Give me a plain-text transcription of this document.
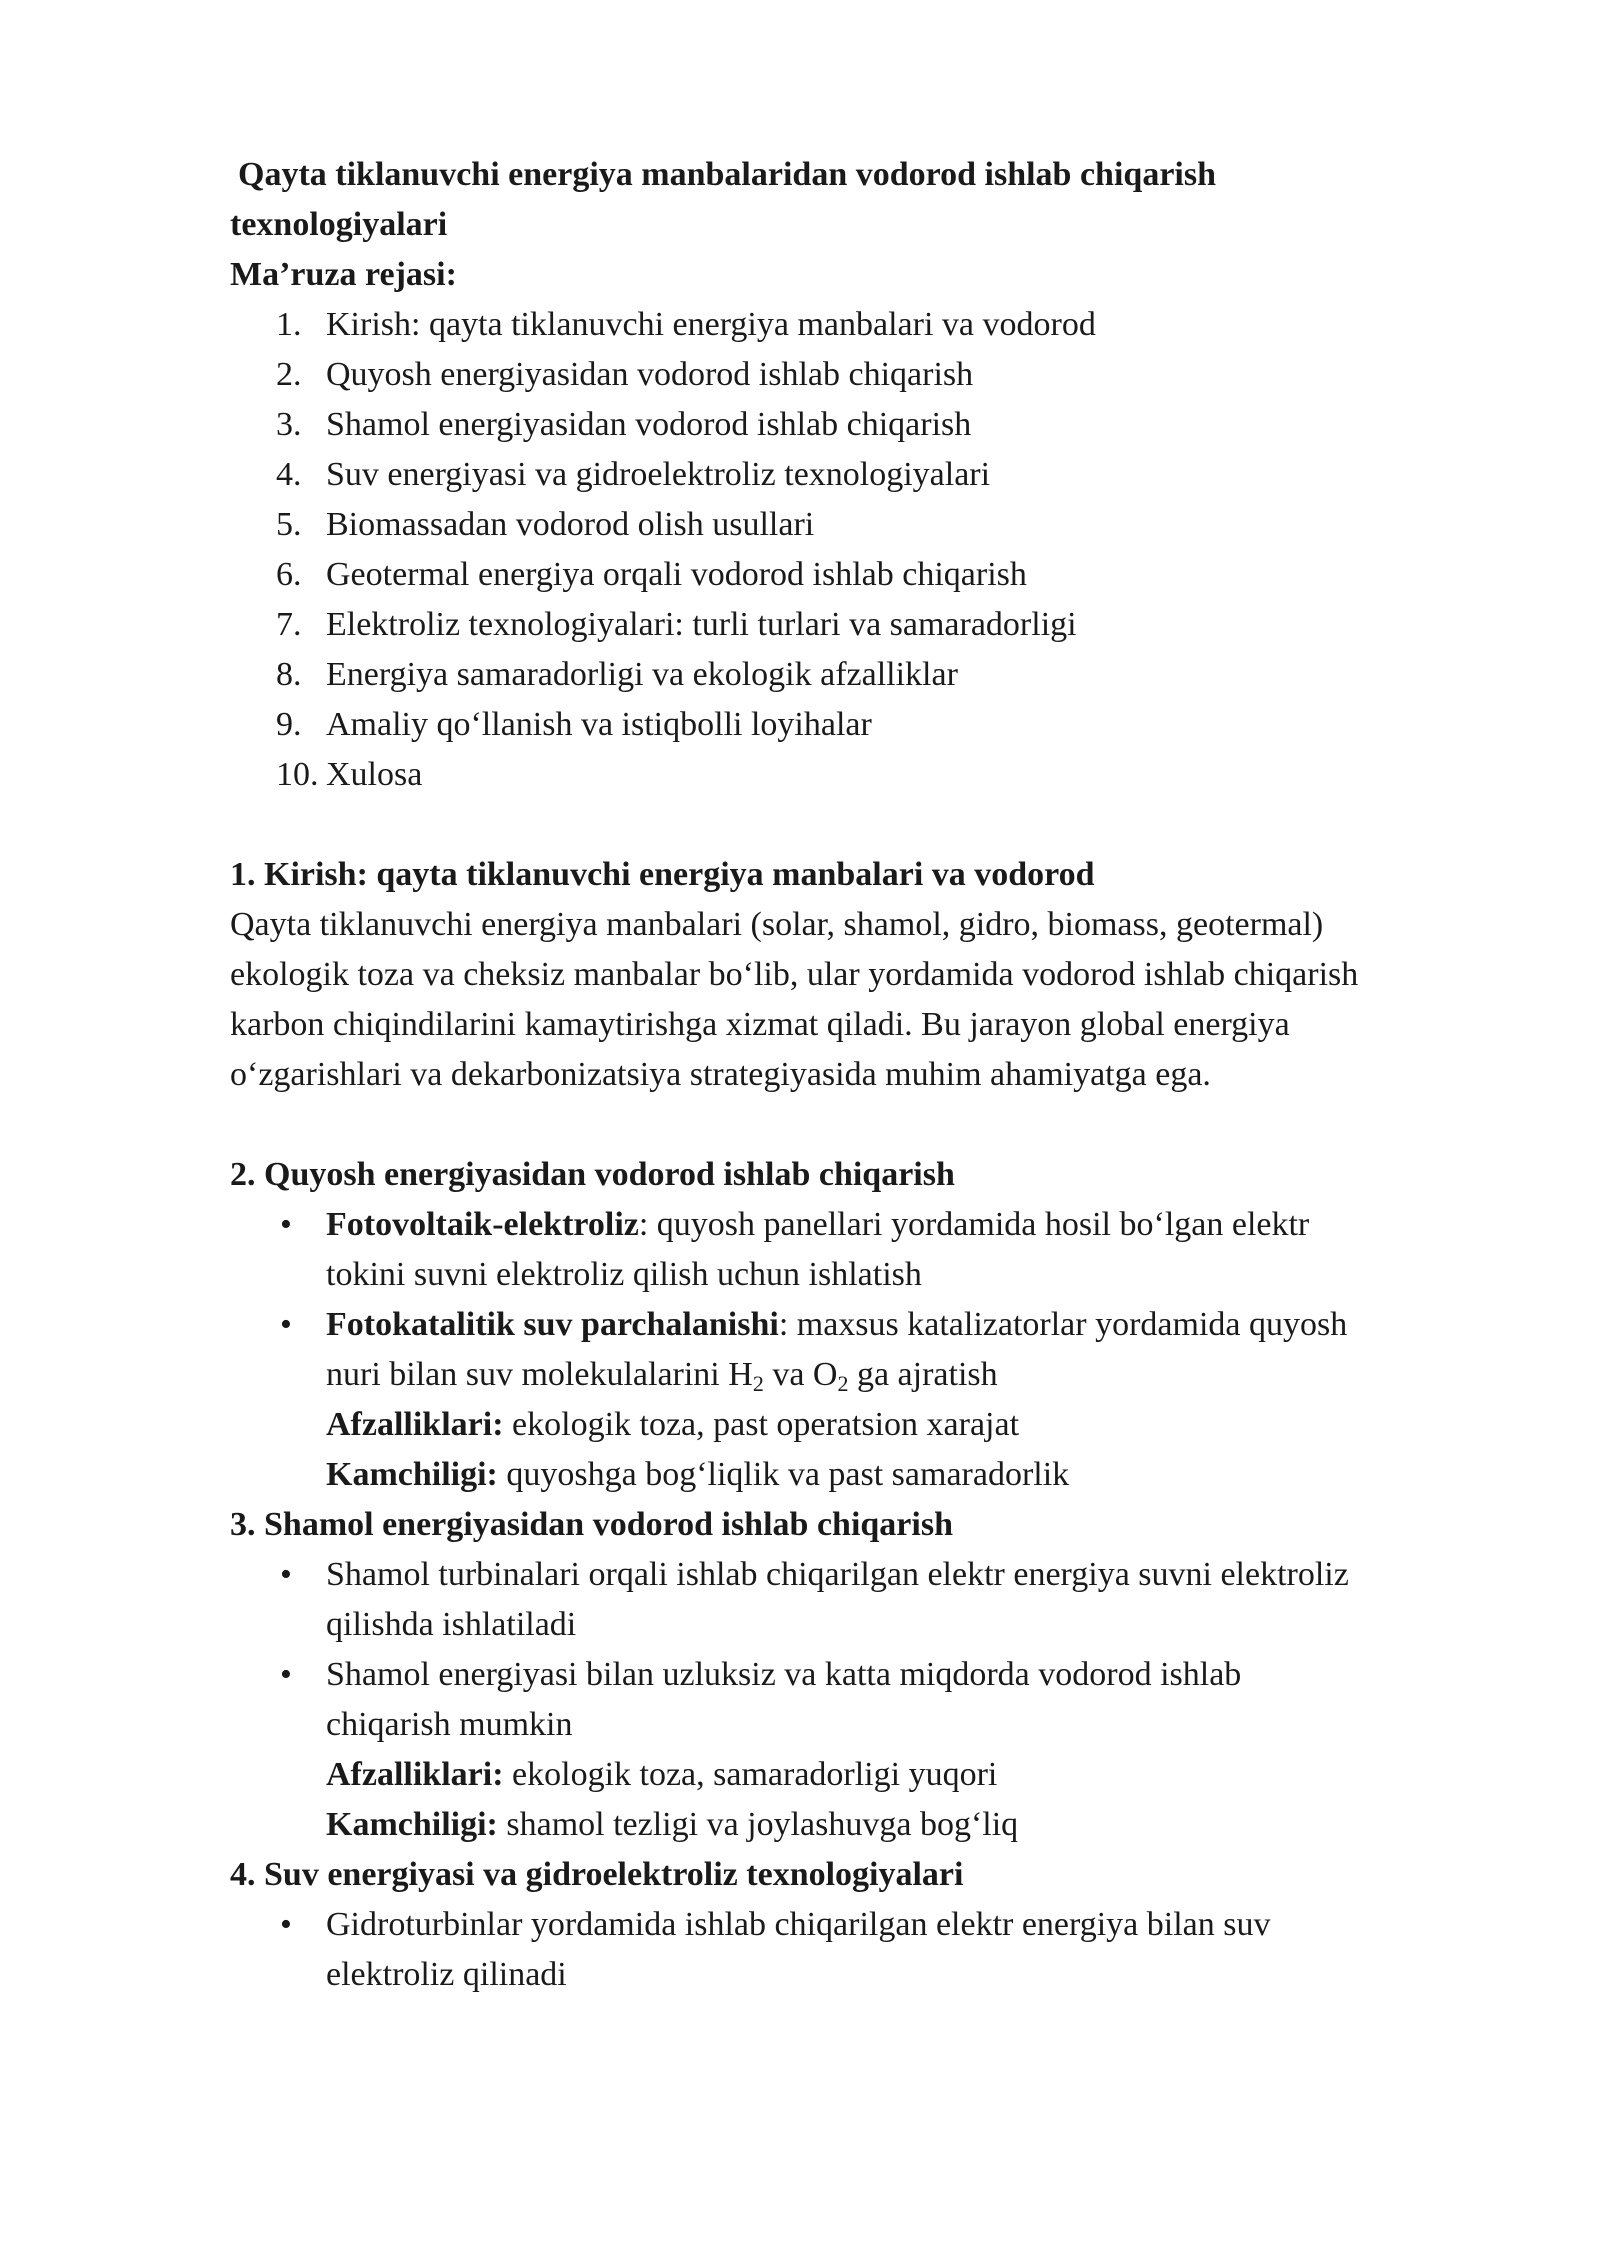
Qayta tiklanuvchi energiya manbalaridan vodorod ishlab chiqarish
texnologiyalari
Ma’ruza rejasi:
1. Kirish: qayta tiklanuvchi energiya manbalari va vodorod
2. Quyosh energiyasidan vodorod ishlab chiqarish
3. Shamol energiyasidan vodorod ishlab chiqarish
4. Suv energiyasi va gidroelektroliz texnologiyalari
5. Biomassadan vodorod olish usullari
6. Geotermal energiya orqali vodorod ishlab chiqarish
7. Elektroliz texnologiyalari: turli turlari va samaradorligi
8. Energiya samaradorligi va ekologik afzalliklar
9. Amaliy qo‘llanish va istiqbolli loyihalar
10. Xulosa
1. Kirish: qayta tiklanuvchi energiya manbalari va vodorod
Qayta tiklanuvchi energiya manbalari (solar, shamol, gidro, biomass, geotermal)
ekologik toza va cheksiz manbalar bo‘lib, ular yordamida vodorod ishlab chiqarish
karbon chiqindilarini kamaytirishga xizmat qiladi. Bu jarayon global energiya
o‘zgarishlari va dekarbonizatsiya strategiyasida muhim ahamiyatga ega.
2. Quyosh energiyasidan vodorod ishlab chiqarish
• Fotovoltaik-elektroliz: quyosh panellari yordamida hosil bo‘lgan elektr
tokini suvni elektroliz qilish uchun ishlatish
• Fotokatalitik suv parchalanishi: maxsus katalizatorlar yordamida quyosh
nuri bilan suv molekulalarini $H_2$ va $O_2$ ga ajratish
Afzalliklari: ekologik toza, past operatsion xarajat
Kamchiligi: quyoshga bog‘liqlik va past samaradorlik
3. Shamol energiyasidan vodorod ishlab chiqarish
• Shamol turbinalari orqali ishlab chiqarilgan elektr energiya suvni elektroliz
qilishda ishlatiladi
• Shamol energiyasi bilan uzluksiz va katta miqdorda vodorod ishlab
chiqarish mumkin
Afzalliklari: ekologik toza, samaradorligi yuqori
Kamchiligi: shamol tezligi va joylashuvga bog‘liq
4. Suv energiyasi va gidroelektroliz texnologiyalari
• Gidroturbinlar yordamida ishlab chiqarilgan elektr energiya bilan suv
elektroliz qilinadi
